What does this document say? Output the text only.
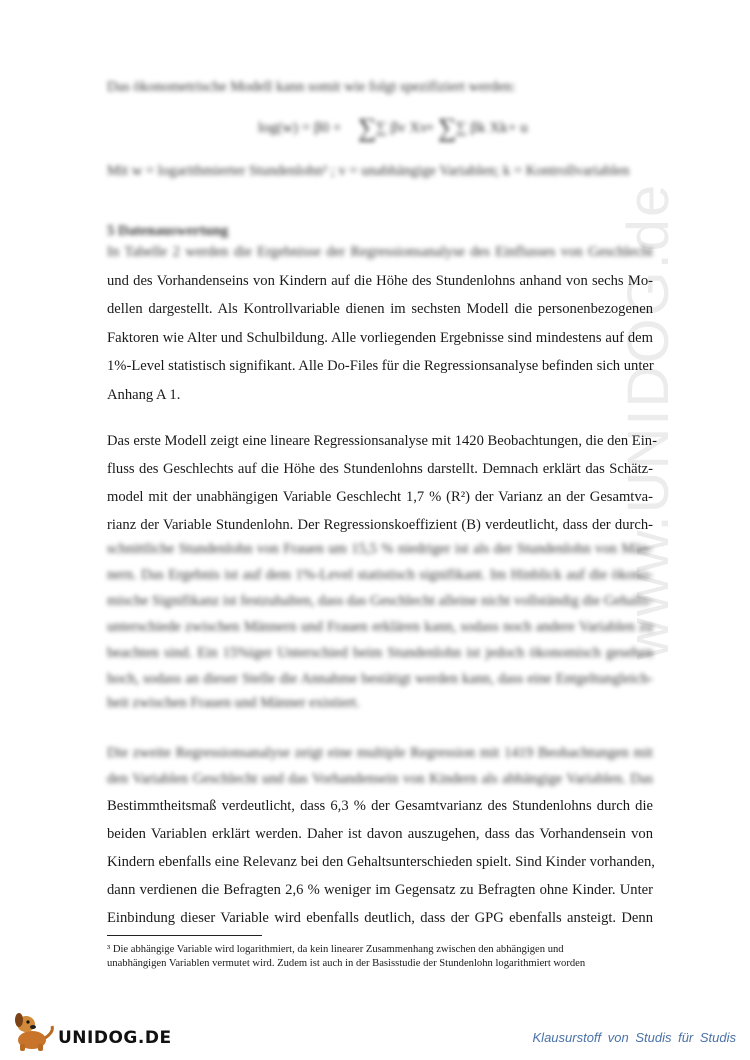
www.UNIDOG.de
Das ökonometrische Modell kann somit wie folgt spezifiziert werden:
log(w) = β0 + ∑ ∑ βv Xv
+ ∑ ∑ βk Xk + u
Mit w = logarithmierter Stundenlohn³ ; v = unabhängige Variablen; k = Kontrollvariablen
5 Datenauswertung
In Tabelle 2 werden die Ergebnisse der Regressionsanalyse des Einflusses von Geschlecht
und des Vorhandenseins von Kindern auf die Höhe des Stundenlohns anhand von sechs Mo-
dellen dargestellt. Als Kontrollvariable dienen im sechsten Modell die personenbezogenen
Faktoren wie Alter und Schulbildung. Alle vorliegenden Ergebnisse sind mindestens auf dem
1%-Level statistisch signifikant. Alle Do-Files für die Regressionsanalyse befinden sich unter
Anhang A 1.
Das erste Modell zeigt eine lineare Regressionsanalyse mit 1420 Beobachtungen, die den Ein-
fluss des Geschlechts auf die Höhe des Stundenlohns darstellt. Demnach erklärt das Schätz-
model mit der unabhängigen Variable Geschlecht 1,7 % (R²) der Varianz an der Gesamtva-
rianz der Variable Stundenlohn. Der Regressionskoeffizient (B) verdeutlicht, dass der durch-
schnittliche Stundenlohn von Frauen um 15,5 % niedriger ist als der Stundenlohn von Män-
nern. Das Ergebnis ist auf dem 1%-Level statistisch signifikant. Im Hinblick auf die ökono-
mische Signifikanz ist festzuhalten, dass das Geschlecht alleine nicht vollständig die Gehalts-
unterschiede zwischen Männern und Frauen erklären kann, sodass noch andere Variablen zu
beachten sind. Ein 15%iger Unterschied beim Stundenlohn ist jedoch ökonomisch gesehen
hoch, sodass an dieser Stelle die Annahme bestätigt werden kann, dass eine Entgeltungleich-
heit zwischen Frauen und Männer existiert.
Die zweite Regressionsanalyse zeigt eine multiple Regression mit 1419 Beobachtungen mit
den Variablen Geschlecht und das Vorhandensein von Kindern als abhängige Variablen. Das
Bestimmtheitsmaß verdeutlicht, dass 6,3 % der Gesamtvarianz des Stundenlohns durch die
beiden Variablen erklärt werden. Daher ist davon auszugehen, dass das Vorhandensein von
Kindern ebenfalls eine Relevanz bei den Gehaltsunterschieden spielt. Sind Kinder vorhanden,
dann verdienen die Befragten 2,6 % weniger im Gegensatz zu Befragten ohne Kinder. Unter
Einbindung dieser Variable wird ebenfalls deutlich, dass der GPG ebenfalls ansteigt. Denn
³ Die abhängige Variable wird logarithmiert, da kein linearer Zusammenhang zwischen den abhängigen und
unabhängigen Variablen vermutet wird. Zudem ist auch in der Basisstudie der Stundenlohn logarithmiert worden
UNIDOG.DE	Klausurstoff von Studis für Studis
